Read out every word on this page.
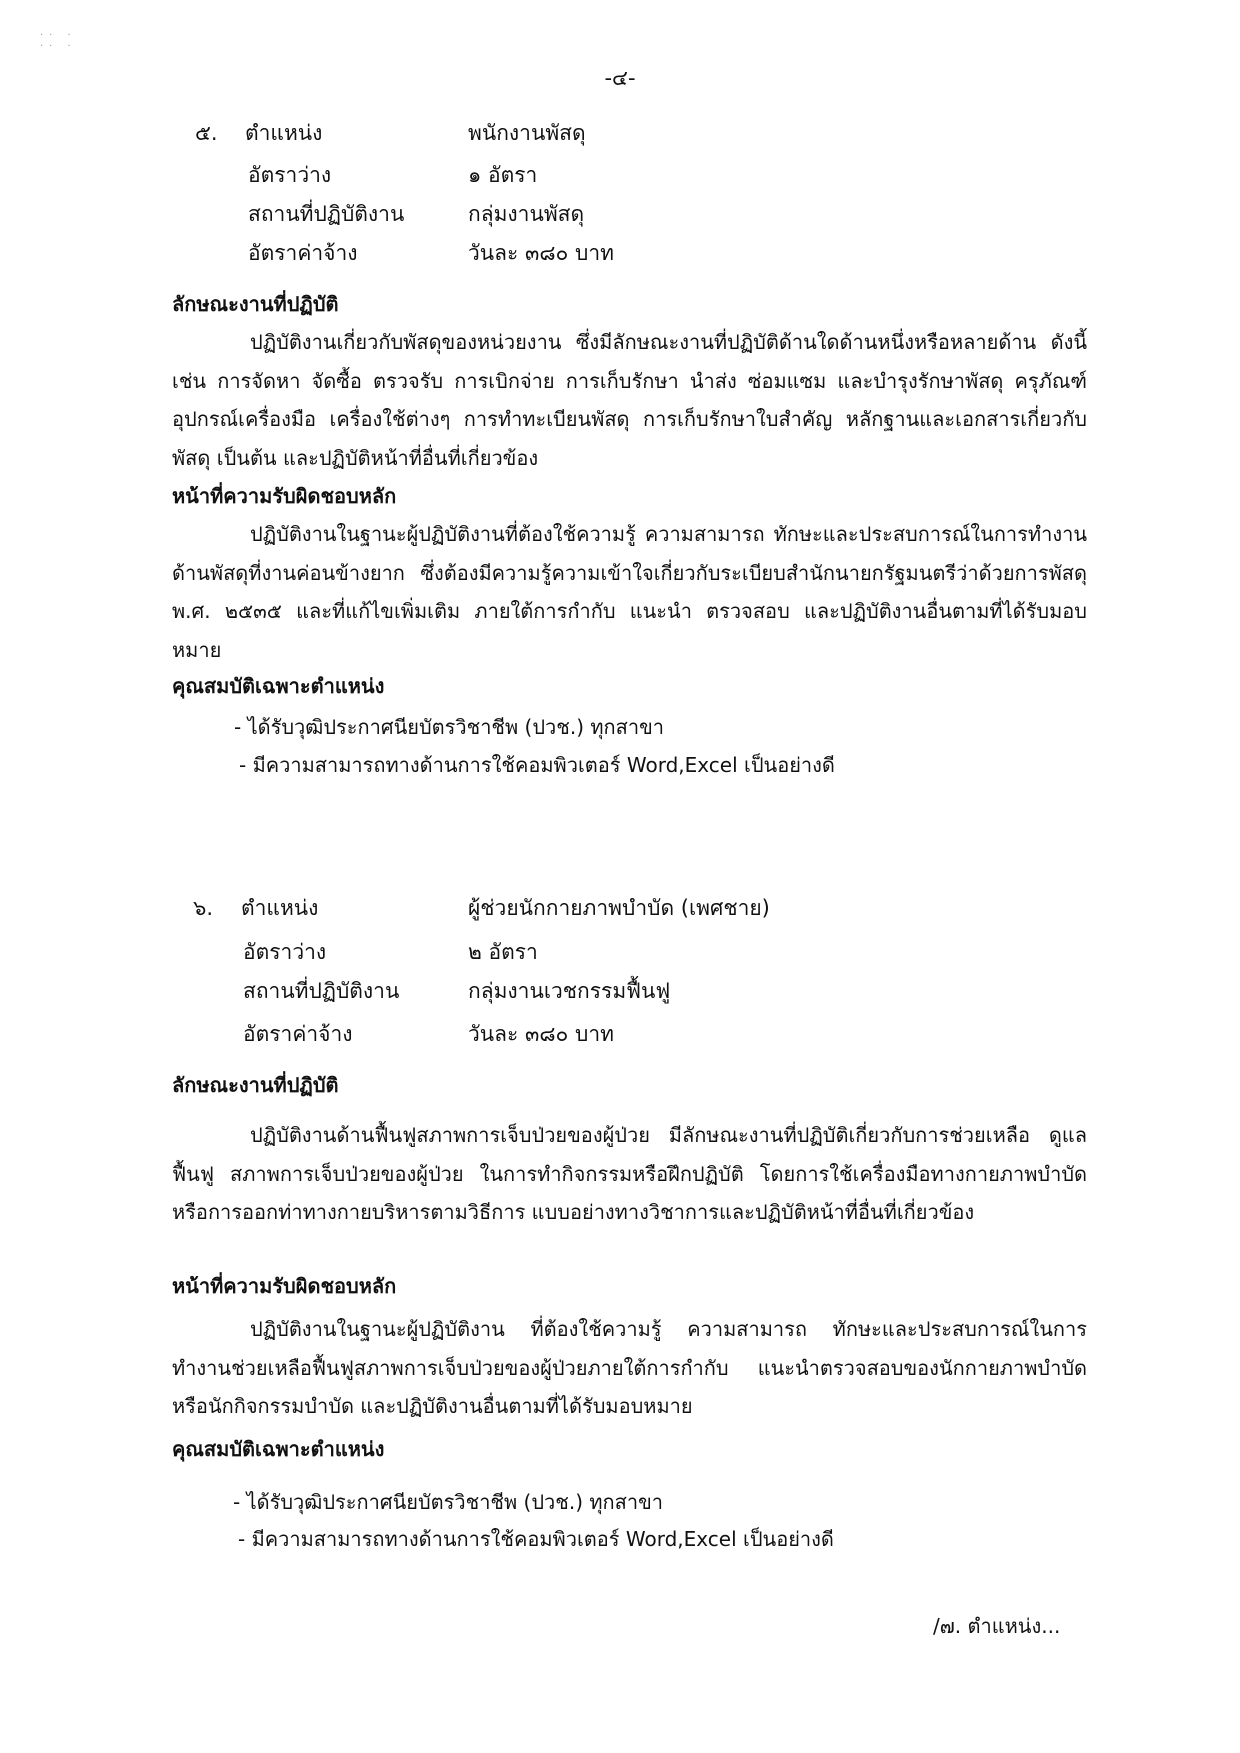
·· ·
·· ·
-๔-
๕. ตำแหน่ง	พนักงานพัสดุ
อัตราว่าง	๑ อัตรา
สถานที่ปฏิบัติงาน	กลุ่มงานพัสดุ
อัตราค่าจ้าง	วันละ ๓๘๐ บาท
ลักษณะงานที่ปฏิบัติ
ปฏิบัติงานเกี่ยวกับพัสดุของหน่วยงาน ซึ่งมีลักษณะงานที่ปฏิบัติด้านใดด้านหนึ่งหรือหลายด้าน ดังนี้ เช่น การจัดหา จัดซื้อ ตรวจรับ การเบิกจ่าย การเก็บรักษา นำส่ง ซ่อมแซม และบำรุงรักษาพัสดุ ครุภัณฑ์ อุปกรณ์เครื่องมือ เครื่องใช้ต่างๆ การทำทะเบียนพัสดุ การเก็บรักษาใบสำคัญ หลักฐานและเอกสารเกี่ยวกับพัสดุ เป็นต้น และปฏิบัติหน้าที่อื่นที่เกี่ยวข้อง
หน้าที่ความรับผิดชอบหลัก
ปฏิบัติงานในฐานะผู้ปฏิบัติงานที่ต้องใช้ความรู้ ความสามารถ ทักษะและประสบการณ์ในการทำงานด้านพัสดุที่งานค่อนข้างยาก ซึ่งต้องมีความรู้ความเข้าใจเกี่ยวกับระเบียบสำนักนายกรัฐมนตรีว่าด้วยการพัสดุ พ.ศ. ๒๕๓๕ และที่แก้ไขเพิ่มเติม ภายใต้การกำกับ แนะนำ ตรวจสอบ และปฏิบัติงานอื่นตามที่ได้รับมอบหมาย
คุณสมบัติเฉพาะตำแหน่ง
- ได้รับวุฒิประกาศนียบัตรวิชาชีพ (ปวช.) ทุกสาขา
- มีความสามารถทางด้านการใช้คอมพิวเตอร์ Word,Excel เป็นอย่างดี
๖. ตำแหน่ง	ผู้ช่วยนักกายภาพบำบัด (เพศชาย)
อัตราว่าง	๒ อัตรา
สถานที่ปฏิบัติงาน	กลุ่มงานเวชกรรมฟื้นฟู
อัตราค่าจ้าง	วันละ ๓๘๐ บาท
ลักษณะงานที่ปฏิบัติ
ปฏิบัติงานด้านฟื้นฟูสภาพการเจ็บป่วยของผู้ป่วย มีลักษณะงานที่ปฏิบัติเกี่ยวกับการช่วยเหลือ ดูแล ฟื้นฟู สภาพการเจ็บป่วยของผู้ป่วย ในการทำกิจกรรมหรือฝึกปฏิบัติ โดยการใช้เครื่องมือทางกายภาพบำบัดหรือการออกท่าทางกายบริหารตามวิธีการ แบบอย่างทางวิชาการและปฏิบัติหน้าที่อื่นที่เกี่ยวข้อง
หน้าที่ความรับผิดชอบหลัก
ปฏิบัติงานในฐานะผู้ปฏิบัติงาน ที่ต้องใช้ความรู้ ความสามารถ ทักษะและประสบการณ์ในการทำงานช่วยเหลือฟื้นฟูสภาพการเจ็บป่วยของผู้ป่วยภายใต้การกำกับ แนะนำตรวจสอบของนักกายภาพบำบัดหรือนักกิจกรรมบำบัด และปฏิบัติงานอื่นตามที่ได้รับมอบหมาย
คุณสมบัติเฉพาะตำแหน่ง
- ได้รับวุฒิประกาศนียบัตรวิชาชีพ (ปวช.) ทุกสาขา
- มีความสามารถทางด้านการใช้คอมพิวเตอร์ Word,Excel เป็นอย่างดี
/๗. ตำแหน่ง...
